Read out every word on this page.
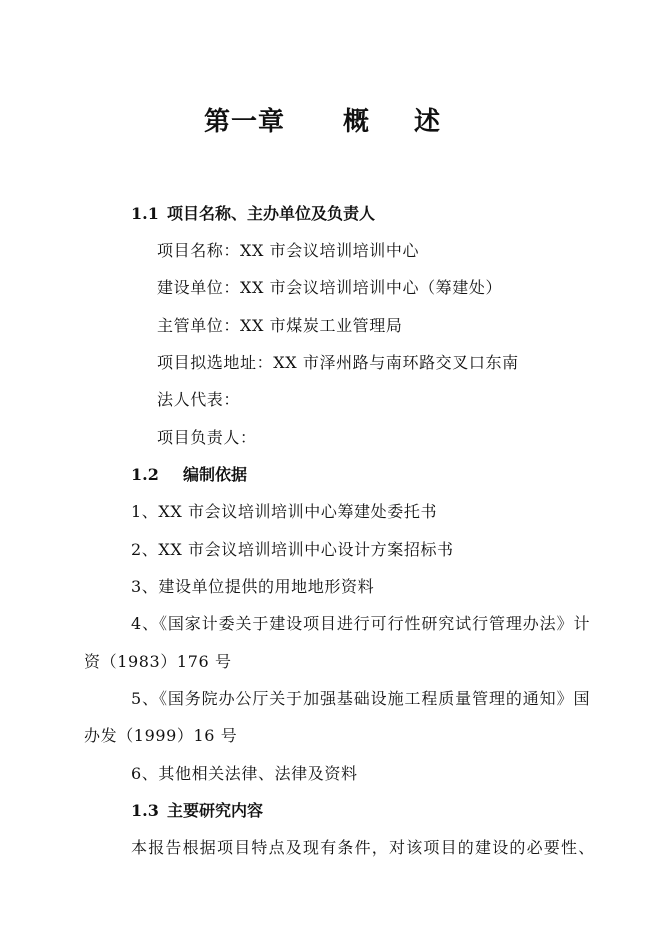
第一章 概 述
1.1 项目名称、主办单位及负责人
项目名称：XX 市会议培训培训中心
建设单位：XX 市会议培训培训中心（筹建处）
主管单位：XX 市煤炭工业管理局
项目拟选地址：XX 市泽州路与南环路交叉口东南
法人代表：
项目负责人：
1.2 编制依据
1、XX 市会议培训培训中心筹建处委托书
2、XX 市会议培训培训中心设计方案招标书
3、建设单位提供的用地地形资料
4、《国家计委关于建设项目进行可行性研究试行管理办法》计
资（1983）176 号
5、《国务院办公厅关于加强基础设施工程质量管理的通知》国
办发（1999）16 号
6、其他相关法律、法律及资料
1.3 主要研究内容
本报告根据项目特点及现有条件，对该项目的建设的必要性、
